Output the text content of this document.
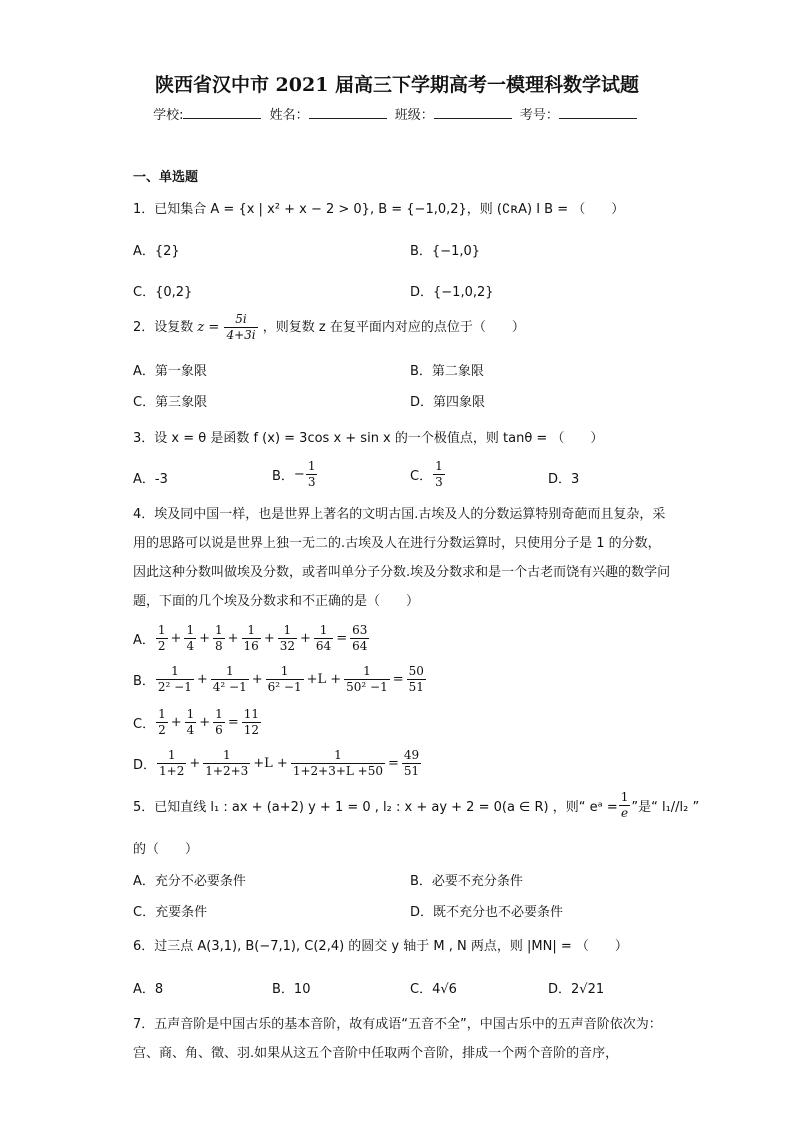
陕西省汉中市 2021 届高三下学期高考一模理科数学试题
学校:	姓名：	班级：	考号：
一、单选题
1．已知集合 A = {x | x² + x − 2 > 0}, B = {−1,0,2}，则 (∁ʀA) I B = （　　）
A．{2}	B．{−1,0}
C．{0,2}	D．{−1,0,2}
2．设复数 $z = \frac{5i}{4+3i}$ ，则复数 z 在复平面内对应的点位于（　　）
A．第一象限	B．第二象限
C．第三象限	D．第四象限
3．设 x = θ 是函数 f (x) = 3cos x + sin x 的一个极值点，则 tanθ = （　　）
A．-3	B．− $\frac{1}{3}$	C． $\frac{1}{3}$	D．3
4．埃及同中国一样，也是世界上著名的文明古国.古埃及人的分数运算特别奇葩而且复杂，采用的思路可以说是世界上独一无二的.古埃及人在进行分数运算时，只使用分子是 1 的分数，因此这种分数叫做埃及分数，或者叫单分子分数.埃及分数求和是一个古老而饶有兴趣的数学问题，下面的几个埃及分数求和不正确的是（　　）
A． $\frac{1}{2} + \frac{1}{4} + \frac{1}{8} + \frac{1}{16} + \frac{1}{32} + \frac{1}{64} = \frac{63}{64}$
B． $\frac{1}{\text{2² −1}} + \frac{1}{\text{4² −1}} + \frac{1}{\text{6² −1}} +L + \frac{1}{\text{50² −1}} = \frac{50}{51}$
C． $\frac{1}{2} + \frac{1}{4} + \frac{1}{6} = \frac{11}{12}$
D． $\frac{1}{1+2} + \frac{1}{1+2+3} +L + \frac{1}{1+2+3+L +50} = \frac{49}{51}$
5．已知直线 l₁ : ax + (a+2) y + 1 = 0 , l₂ : x + ay + 2 = 0(a ∈ R) ，则“ eᵃ = $\frac{1}{e}$ ”是“ l₁//l₂ ”
的（　　）
A．充分不必要条件	B．必要不充分条件
C．充要条件	D．既不充分也不必要条件
6．过三点 A(3,1), B(−7,1), C(2,4) 的圆交 y 轴于 M , N 两点，则 |MN| = （　　）
A．8	B．10	C．4√6	D．2√21
7．五声音阶是中国古乐的基本音阶，故有成语“五音不全”，中国古乐中的五声音阶依次为：宫、商、角、徵、羽.如果从这五个音阶中任取两个音阶，排成一个两个音阶的音序，
